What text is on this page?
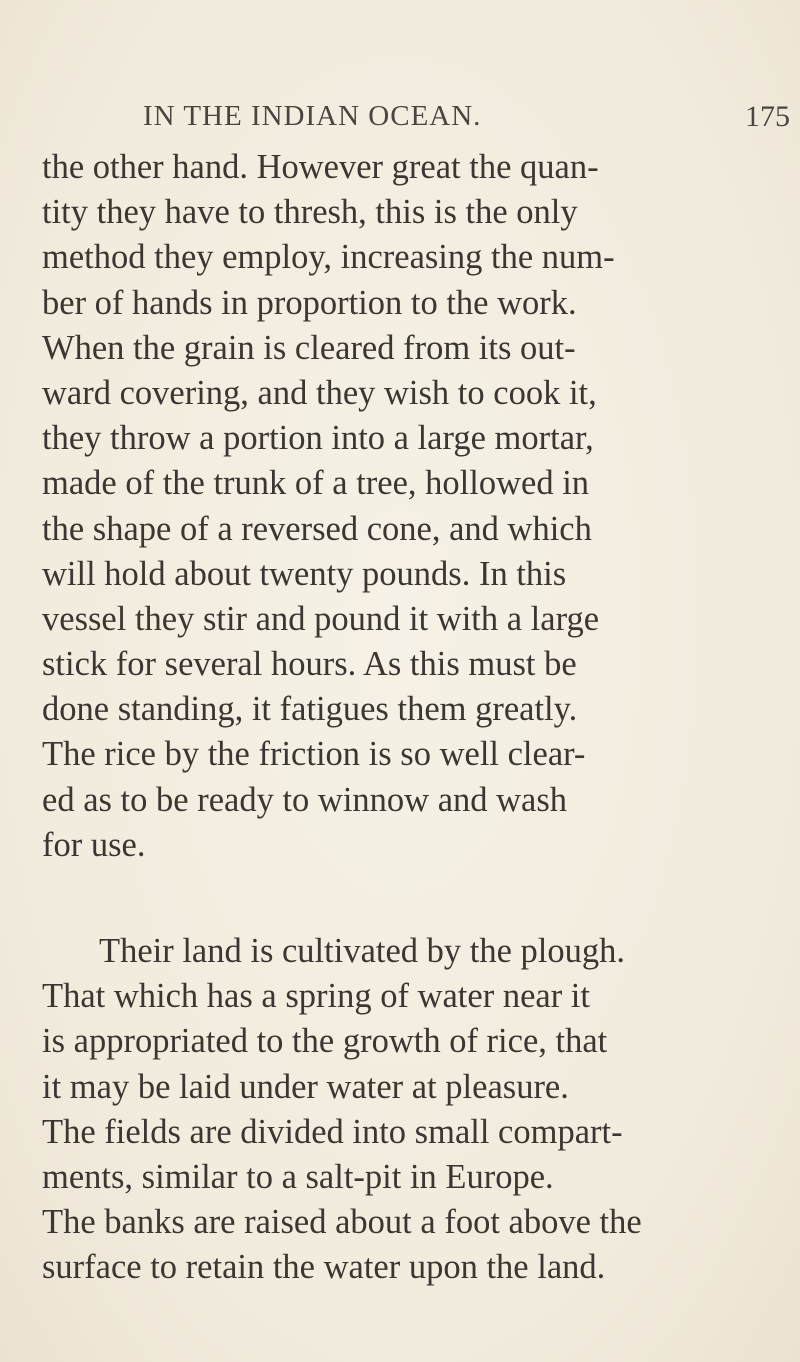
IN THE INDIAN OCEAN.	175
the other hand. However great the quan-
tity they have to thresh, this is the only
method they employ, increasing the num-
ber of hands in proportion to the work.
When the grain is cleared from its out-
ward covering, and they wish to cook it,
they throw a portion into a large mortar,
made of the trunk of a tree, hollowed in
the shape of a reversed cone, and which
will hold about twenty pounds. In this
vessel they stir and pound it with a large
stick for several hours. As this must be
done standing, it fatigues them greatly.
The rice by the friction is so well clear-
ed as to be ready to winnow and wash
for use.
Their land is cultivated by the plough.
That which has a spring of water near it
is appropriated to the growth of rice, that
it may be laid under water at pleasure.
The fields are divided into small compart-
ments, similar to a salt-pit in Europe.
The banks are raised about a foot above the
surface to retain the water upon the land.
